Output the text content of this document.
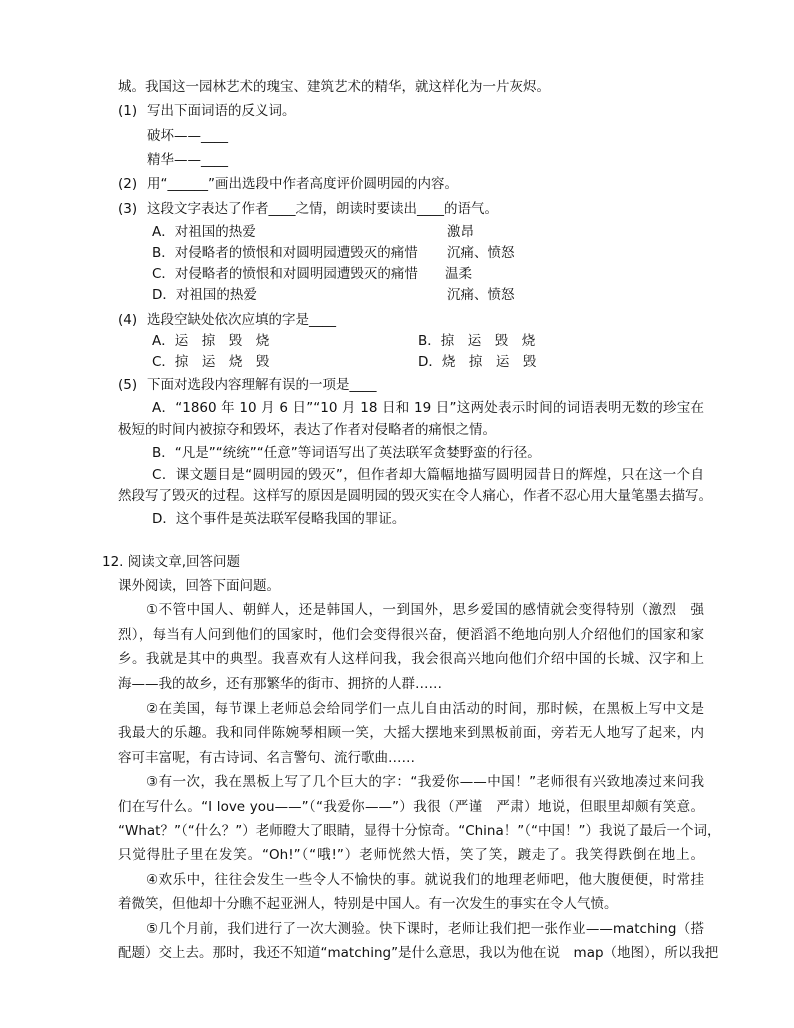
城。我国这一园林艺术的瑰宝、建筑艺术的精华，就这样化为一片灰烬。
(1) 写出下面词语的反义词。
破坏——____
精华——____
(2) 用“______”画出选段中作者高度评价圆明园的内容。
(3) 这段文字表达了作者____之情，朗读时要读出____的语气。
A．对祖国的热爱	激昂
B．对侵略者的愤恨和对圆明园遭毁灭的痛惜 沉痛、愤怒
C．对侵略者的愤恨和对圆明园遭毁灭的痛惜 温柔
D．对祖国的热爱	沉痛、愤怒
(4) 选段空缺处依次应填的字是____
A．运　掠　毁　烧	B．掠　运　毁　烧
C．掠　运　烧　毁	D．烧　掠　运　毁
(5) 下面对选段内容理解有误的一项是____
A．“1860 年 10 月 6 日”“10 月 18 日和 19 日”这两处表示时间的词语表明无数的珍宝在
极短的时间内被掠夺和毁坏，表达了作者对侵略者的痛恨之情。
B．“凡是”“统统”“任意”等词语写出了英法联军贪婪野蛮的行径。
C．课文题目是“圆明园的毁灭”，但作者却大篇幅地描写圆明园昔日的辉煌，只在这一个自
然段写了毁灭的过程。这样写的原因是圆明园的毁灭实在令人痛心，作者不忍心用大量笔墨去描写。
D．这个事件是英法联军侵略我国的罪证。
12. 阅读文章,回答问题
课外阅读，回答下面问题。
①不管中国人、朝鲜人，还是韩国人，一到国外，思乡爱国的感情就会变得特别（激烈　强
烈），每当有人问到他们的国家时，他们会变得很兴奋，便滔滔不绝地向别人介绍他们的国家和家
乡。我就是其中的典型。我喜欢有人这样问我，我会很高兴地向他们介绍中国的长城、汉字和上
海——我的故乡，还有那繁华的街市、拥挤的人群……
②在美国，每节课上老师总会给同学们一点儿自由活动的时间，那时候，在黑板上写中文是
我最大的乐趣。我和同伴陈婉琴相顾一笑，大摇大摆地来到黑板前面，旁若无人地写了起来，内
容可丰富呢，有古诗词、名言警句、流行歌曲……
③有一次，我在黑板上写了几个巨大的字：“我爱你——中国！”老师很有兴致地凑过来问我
们在写什么。“I love you——”（“我爱你——”）我很（严谨　严肃）地说，但眼里却颇有笑意。
“What？”（“什么？”）老师瞪大了眼睛，显得十分惊奇。“China！”（“中国！”）我说了最后一个词，
只觉得肚子里在发笑。“Oh!”（“哦!”）老师恍然大悟，笑了笑，踱走了。我笑得跌倒在地上。
④欢乐中，往往会发生一些令人不愉快的事。就说我们的地理老师吧，他大腹便便，时常挂
着微笑，但他却十分瞧不起亚洲人，特别是中国人。有一次发生的事实在令人气愤。
⑤几个月前，我们进行了一次大测验。快下课时，老师让我们把一张作业——matching（搭
配题）交上去。那时，我还不知道“matching”是什么意思，我以为他在说　map（地图），所以我把
